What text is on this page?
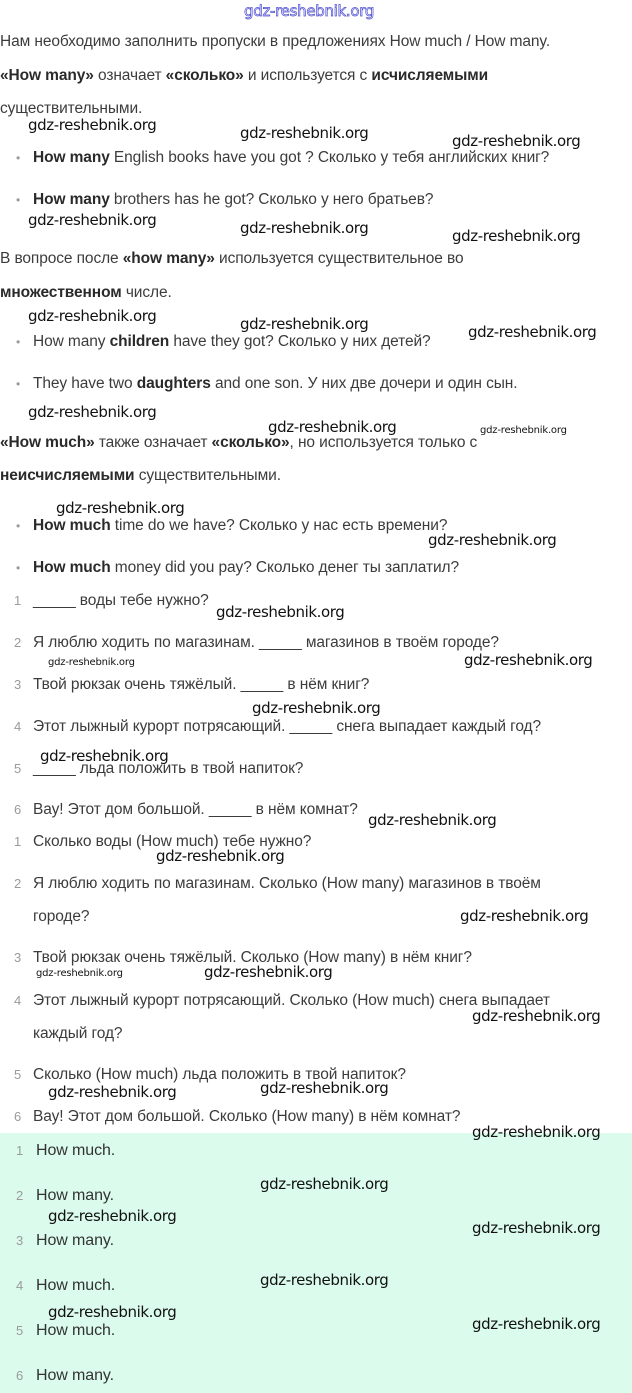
gdz-reshebnik.org
Нам необходимо заполнить пропуски в предложениях How much / How many.
«How many» означает «сколько» и используется с исчисляемыми
существительными.
• How many English books have you got ? Сколько у тебя английских книг?
• How many brothers has he got? Сколько у него братьев?
В вопросе после «how many» используется существительное во
множественном числе.
• How many children have they got? Сколько у них детей?
• They have two daughters and one son. У них две дочери и один сын.
«How much» также означает «сколько», но используется только с
неисчисляемыми существительными.
• How much time do we have? Сколько у нас есть времени?
• How much money did you pay? Сколько денег ты заплатил?
1 _____ воды тебе нужно?
2 Я люблю ходить по магазинам. _____ магазинов в твоём городе?
3 Твой рюкзак очень тяжёлый. _____ в нём книг?
4 Этот лыжный курорт потрясающий. _____ снега выпадает каждый год?
5 _____ льда положить в твой напиток?
6 Вау! Этот дом большой. _____ в нём комнат?
1 Сколько воды (How much) тебе нужно?
2 Я люблю ходить по магазинам. Сколько (How many) магазинов в твоём
городе?
3 Твой рюкзак очень тяжёлый. Сколько (How many) в нём книг?
4 Этот лыжный курорт потрясающий. Сколько (How much) снега выпадает
каждый год?
5 Сколько (How much) льда положить в твой напиток?
6 Вау! Этот дом большой. Сколько (How many) в нём комнат?
1 How much.
2 How many.
3 How many.
4 How much.
5 How much.
6 How many.
gdz-reshebnik.org	gdz-reshebnik.org	gdz-reshebnik.org
gdz-reshebnik.org	gdz-reshebnik.org	gdz-reshebnik.org
gdz-reshebnik.org	gdz-reshebnik.org	gdz-reshebnik.org
gdz-reshebnik.org
gdz-reshebnik.org	gdz-reshebnik.org
gdz-reshebnik.org
gdz-reshebnik.org
gdz-reshebnik.org
gdz-reshebnik.org	gdz-reshebnik.org
gdz-reshebnik.org
gdz-reshebnik.org
gdz-reshebnik.org
gdz-reshebnik.org
gdz-reshebnik.org
gdz-reshebnik.org	gdz-reshebnik.org
gdz-reshebnik.org
gdz-reshebnik.org	gdz-reshebnik.org
gdz-reshebnik.org
gdz-reshebnik.org
gdz-reshebnik.org
gdz-reshebnik.org
gdz-reshebnik.org
gdz-reshebnik.org
gdz-reshebnik.org
